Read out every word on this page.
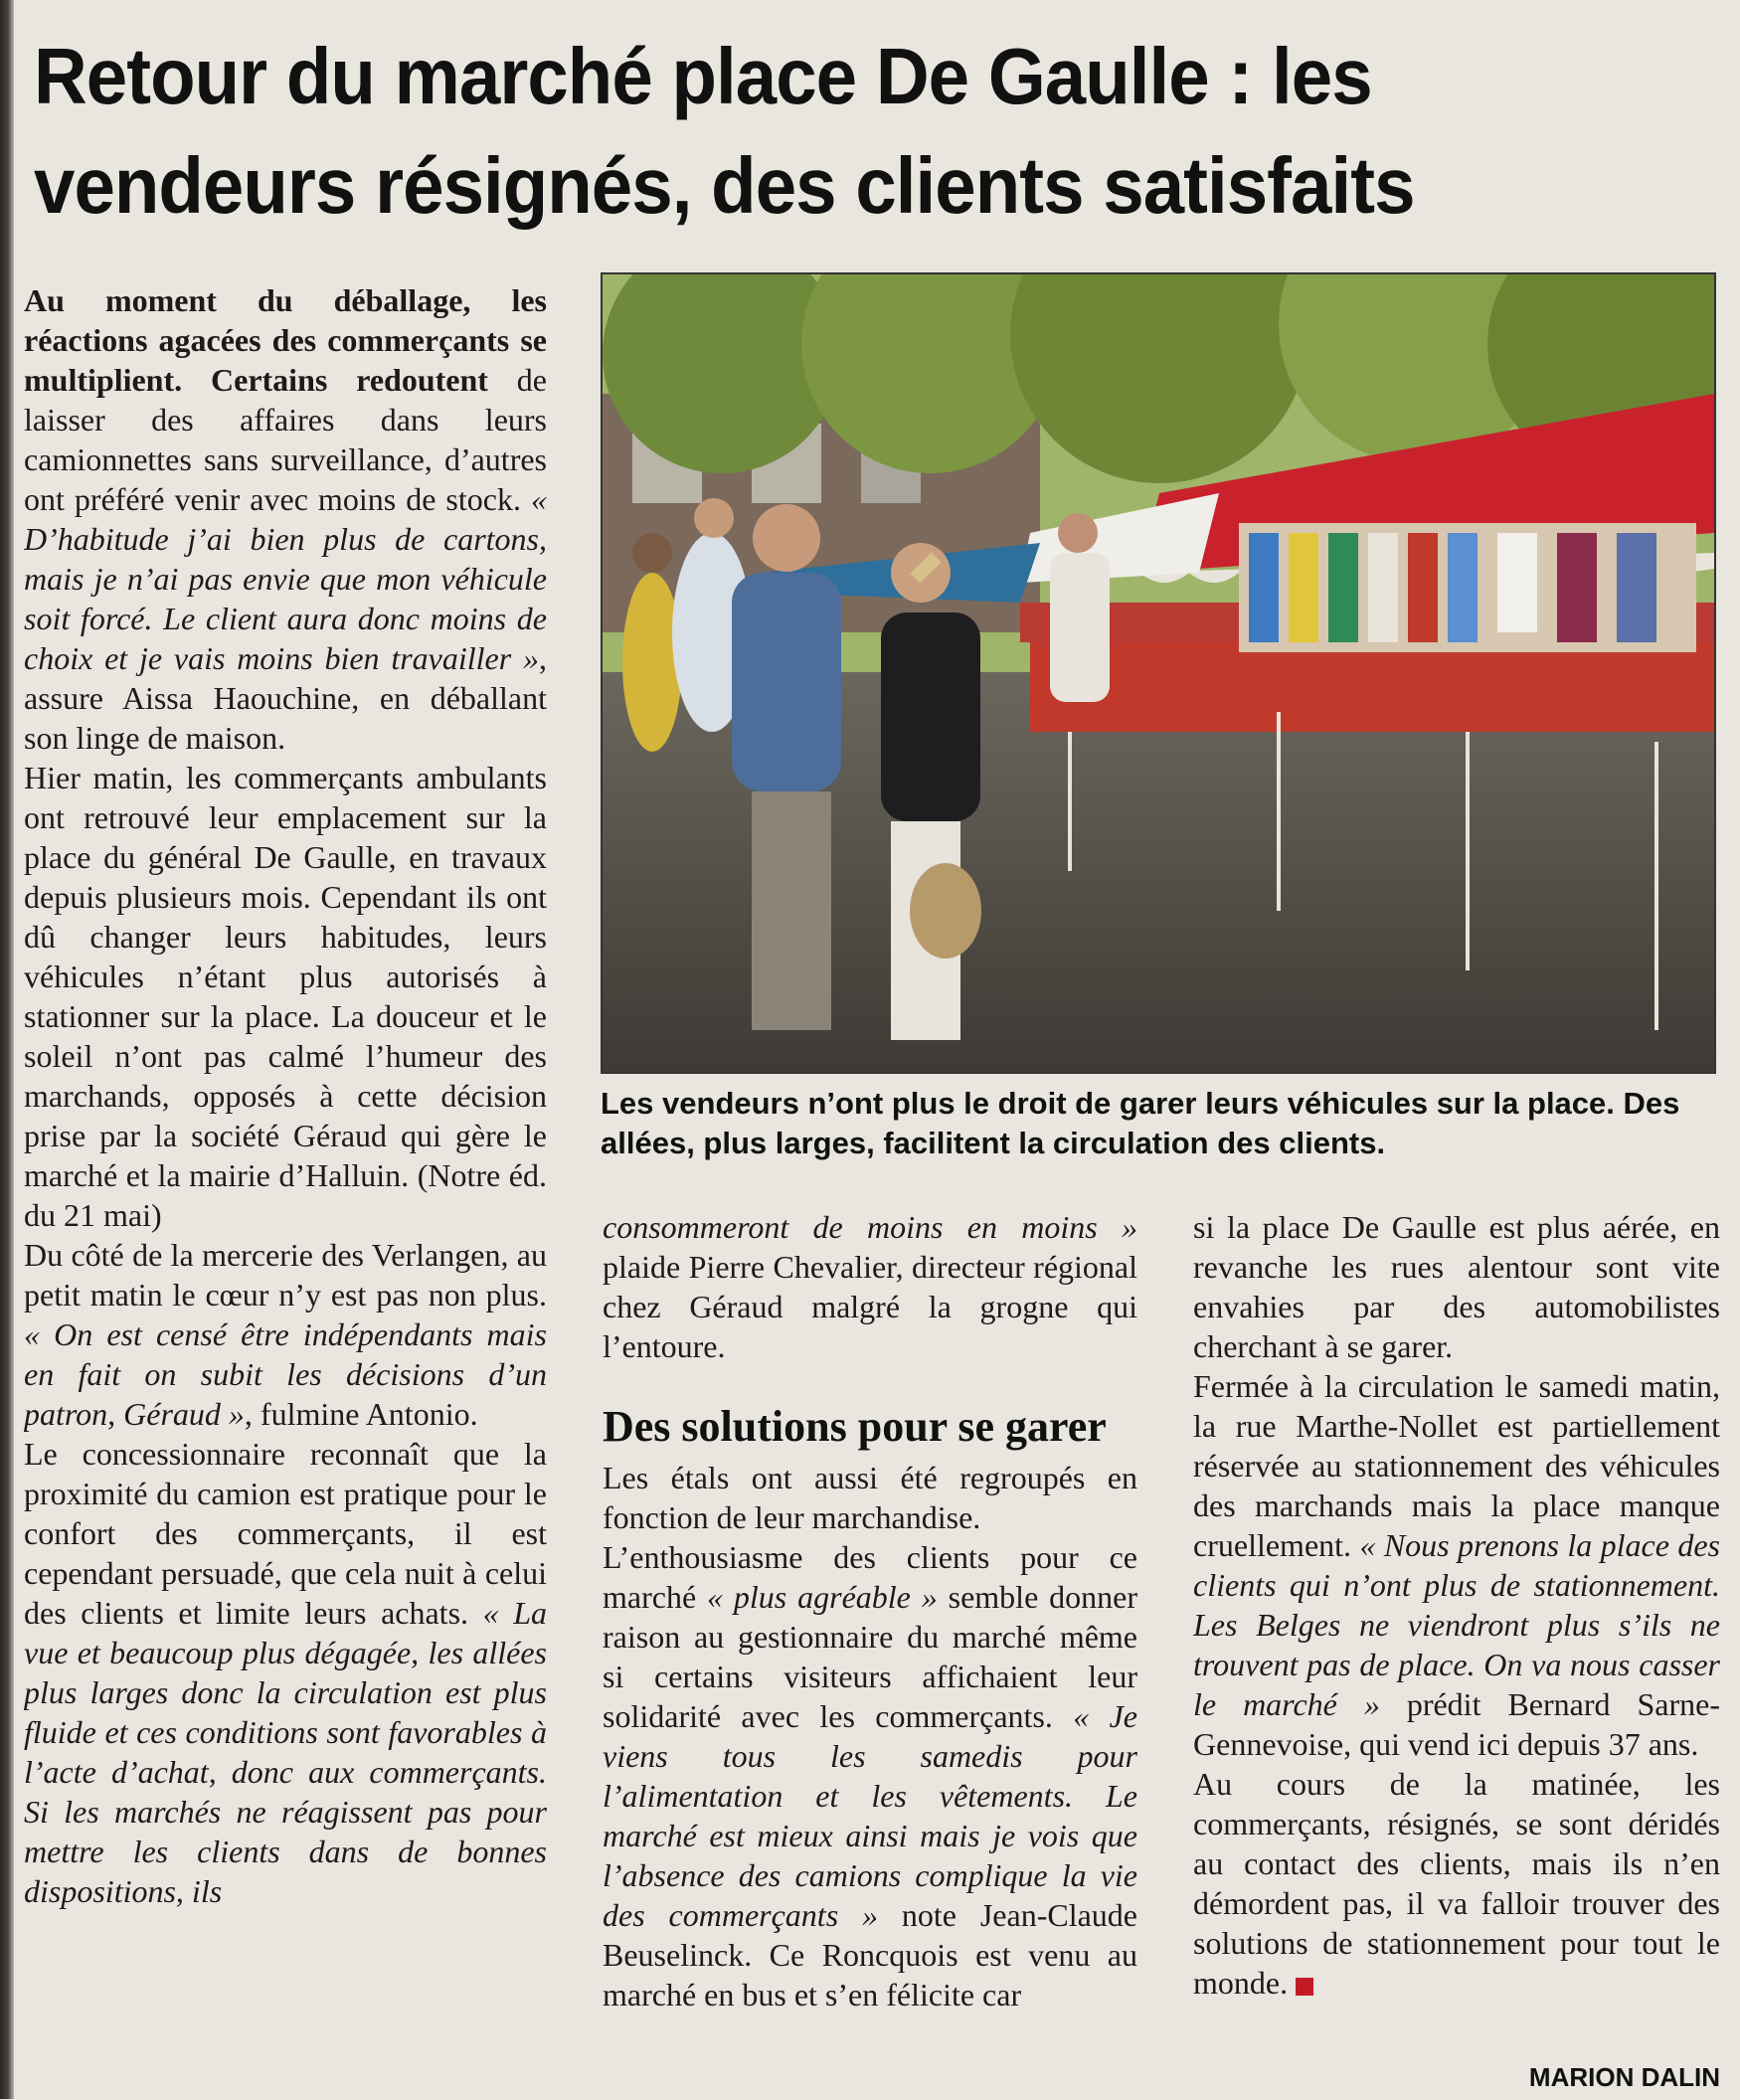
Retour du marché place De Gaulle : les vendeurs résignés, des clients satisfaits

Au moment du déballage, les réactions agacées des commerçants se multiplient. Certains redoutent de laisser des affaires dans leurs camionnettes sans surveillance, d’autres ont préféré venir avec moins de stock. « D’habitude j’ai bien plus de cartons, mais je n’ai pas envie que mon véhicule soit forcé. Le client aura donc moins de choix et je vais moins bien travailler », assure Aissa Haouchine, en déballant son linge de maison.

Hier matin, les commerçants ambulants ont retrouvé leur emplacement sur la place du général De Gaulle, en travaux depuis plusieurs mois. Cependant ils ont dû changer leurs habitudes, leurs véhicules n’étant plus autorisés à stationner sur la place. La douceur et le soleil n’ont pas calmé l’humeur des marchands, opposés à cette décision prise par la société Géraud qui gère le marché et la mairie d’Halluin. (Notre éd. du 21 mai)

Du côté de la mercerie des Verlangen, au petit matin le cœur n’y est pas non plus. « On est censé être indépendants mais en fait on subit les décisions d’un patron, Géraud », fulmine Antonio.

Le concessionnaire reconnaît que la proximité du camion est pratique pour le confort des commerçants, il est cependant persuadé, que cela nuit à celui des clients et limite leurs achats. « La vue et beaucoup plus dégagée, les allées plus larges donc la circulation est plus fluide et ces conditions sont favorables à l’acte d’achat, donc aux commerçants. Si les marchés ne réagissent pas pour mettre les clients dans de bonnes dispositions, ils

Les vendeurs n’ont plus le droit de garer leurs véhicules sur la place. Des allées, plus larges, facilitent la circulation des clients.

consommeront de moins en moins » plaide Pierre Chevalier, directeur régional chez Géraud malgré la grogne qui l’entoure.

Des solutions pour se garer

Les étals ont aussi été regroupés en fonction de leur marchandise.

L’enthousiasme des clients pour ce marché « plus agréable » semble donner raison au gestionnaire du marché même si certains visiteurs affichaient leur solidarité avec les commerçants. « Je viens tous les samedis pour l’alimentation et les vêtements. Le marché est mieux ainsi mais je vois que l’absence des camions complique la vie des commerçants » note Jean-Claude Beuselinck. Ce Roncquois est venu au marché en bus et s’en félicite car

si la place De Gaulle est plus aérée, en revanche les rues alentour sont vite envahies par des automobilistes cherchant à se garer.

Fermée à la circulation le samedi matin, la rue Marthe-Nollet est partiellement réservée au stationnement des véhicules des marchands mais la place manque cruellement. « Nous prenons la place des clients qui n’ont plus de stationnement. Les Belges ne viendront plus s’ils ne trouvent pas de place. On va nous casser le marché » prédit Bernard Sarne-Gennevoise, qui vend ici depuis 37 ans.

Au cours de la matinée, les commerçants, résignés, se sont déridés au contact des clients, mais ils n’en démordent pas, il va falloir trouver des solutions de stationnement pour tout le monde.

MARION DALIN
